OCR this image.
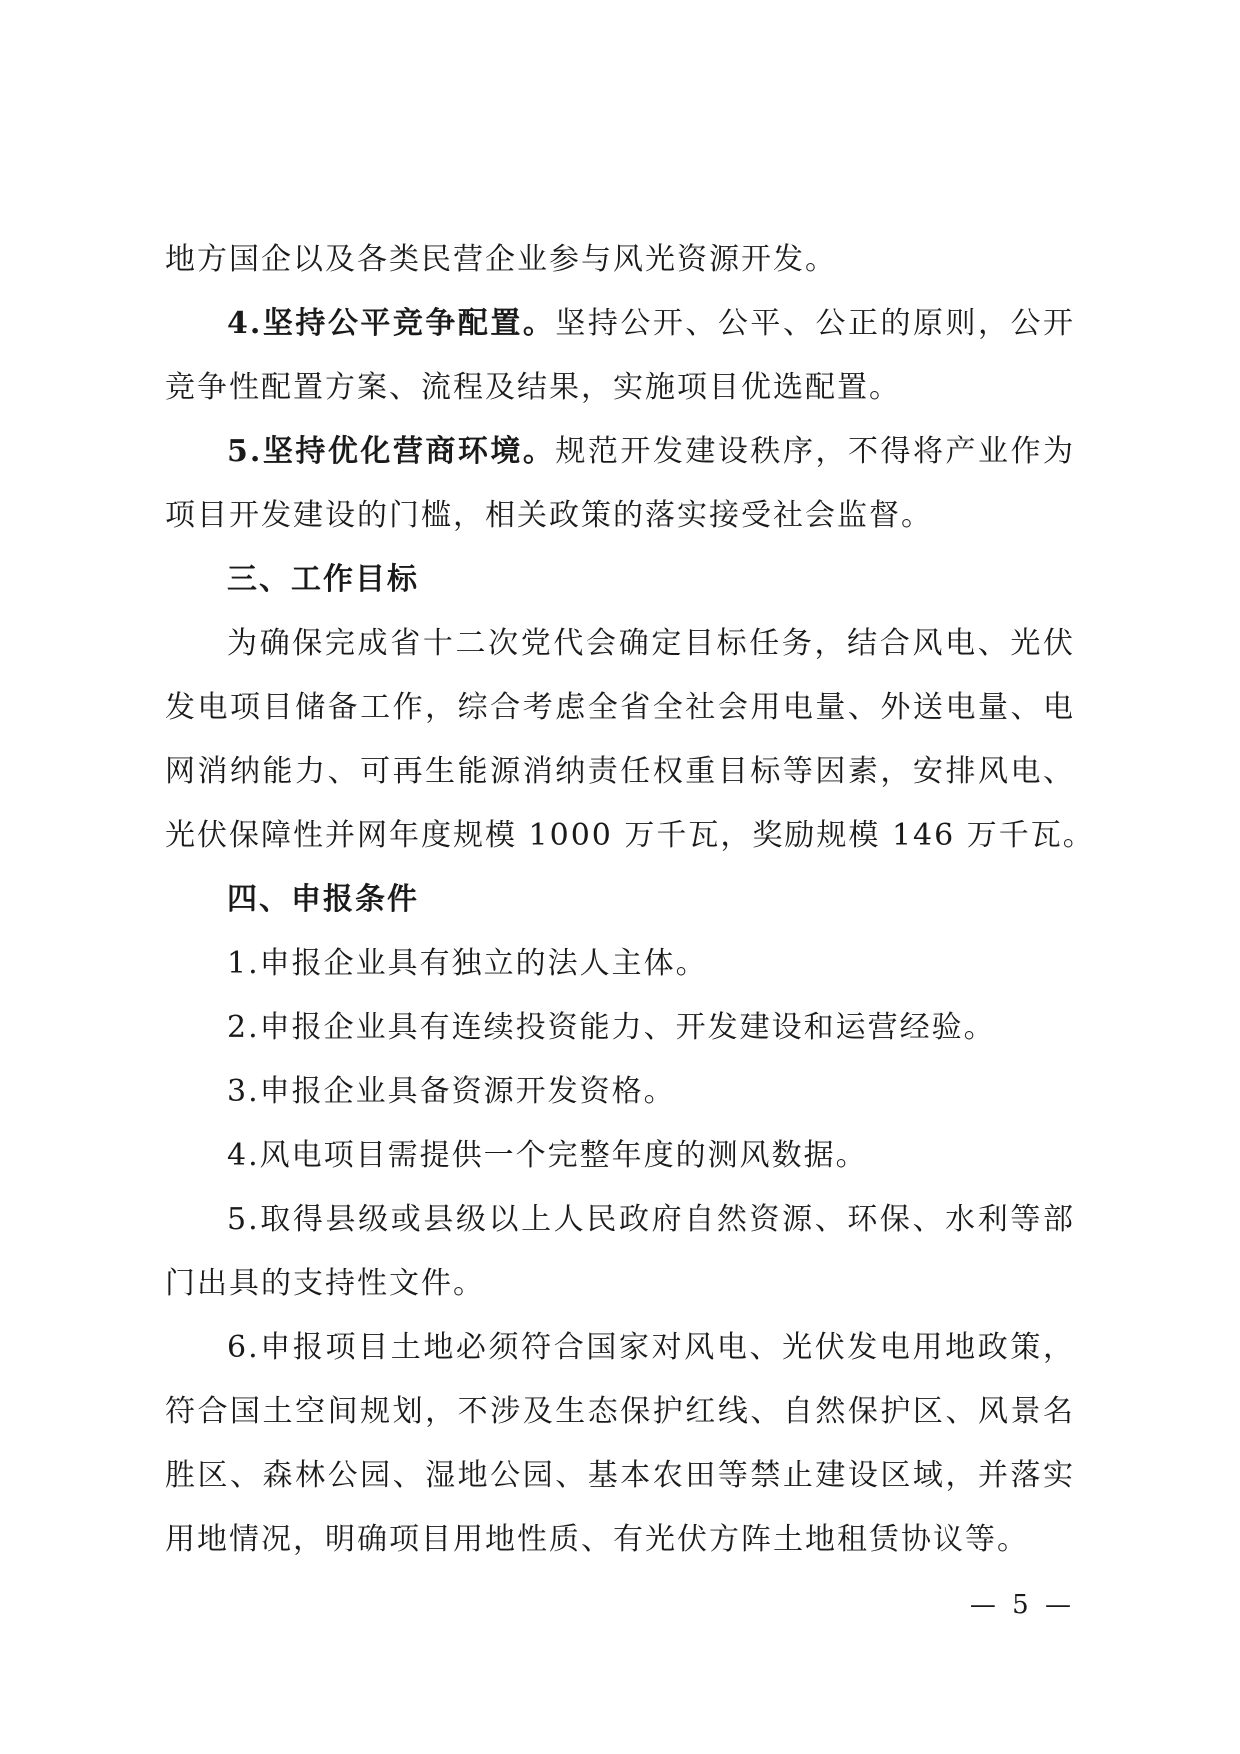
地方国企以及各类民营企业参与风光资源开发。
4.坚持公平竞争配置。坚持公开、公平、公正的原则，公开
竞争性配置方案、流程及结果，实施项目优选配置。
5.坚持优化营商环境。规范开发建设秩序，不得将产业作为
项目开发建设的门槛，相关政策的落实接受社会监督。
三、工作目标
为确保完成省十二次党代会确定目标任务，结合风电、光伏
发电项目储备工作，综合考虑全省全社会用电量、外送电量、电
网消纳能力、可再生能源消纳责任权重目标等因素，安排风电、
光伏保障性并网年度规模 1000 万千瓦，奖励规模 146 万千瓦。
四、申报条件
1.申报企业具有独立的法人主体。
2.申报企业具有连续投资能力、开发建设和运营经验。
3.申报企业具备资源开发资格。
4.风电项目需提供一个完整年度的测风数据。
5.取得县级或县级以上人民政府自然资源、环保、水利等部
门出具的支持性文件。
6.申报项目土地必须符合国家对风电、光伏发电用地政策，
符合国土空间规划，不涉及生态保护红线、自然保护区、风景名
胜区、森林公园、湿地公园、基本农田等禁止建设区域，并落实
用地情况，明确项目用地性质、有光伏方阵土地租赁协议等。
— 5 —
